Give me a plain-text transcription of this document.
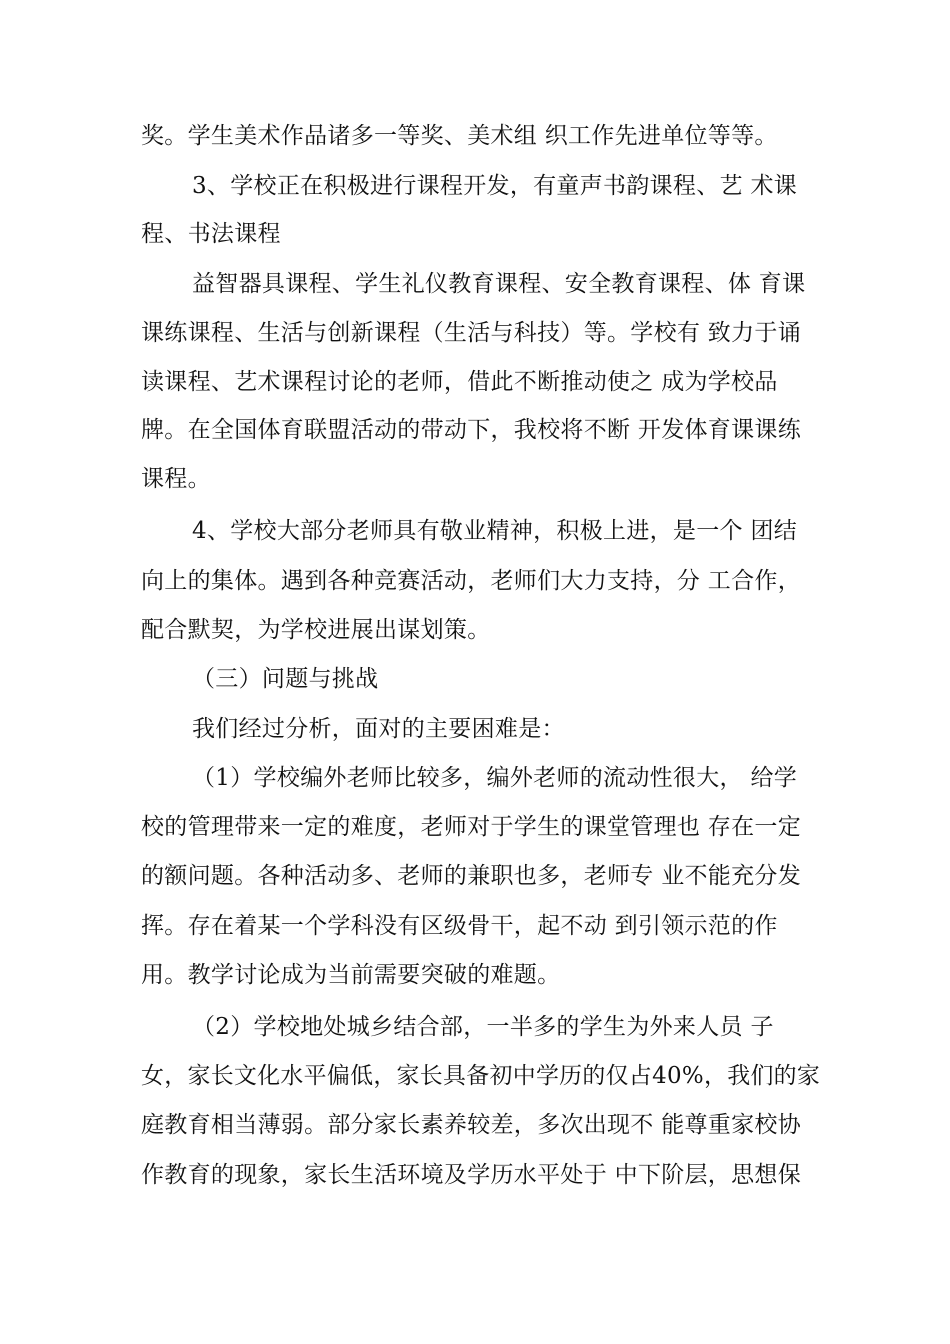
奖。学生美术作品诸多一等奖、美术组 织工作先进单位等等。
3、学校正在积极进行课程开发，有童声书韵课程、艺 术课
程、书法课程
益智器具课程、学生礼仪教育课程、安全教育课程、体 育课
课练课程、生活与创新课程（生活与科技）等。学校有 致力于诵
读课程、艺术课程讨论的老师，借此不断推动使之 成为学校品
牌。在全国体育联盟活动的带动下，我校将不断 开发体育课课练
课程。
4、学校大部分老师具有敬业精神，积极上进，是一个 团结
向上的集体。遇到各种竞赛活动，老师们大力支持，分 工合作，
配合默契，为学校进展出谋划策。
（三）问题与挑战
我们经过分析，面对的主要困难是：
（1）学校编外老师比较多，编外老师的流动性很大， 给学
校的管理带来一定的难度，老师对于学生的课堂管理也 存在一定
的额问题。各种活动多、老师的兼职也多，老师专 业不能充分发
挥。存在着某一个学科没有区级骨干，起不动 到引领示范的作
用。教学讨论成为当前需要突破的难题。
（2）学校地处城乡结合部，一半多的学生为外来人员 子
女，家长文化水平偏低，家长具备初中学历的仅占40%，我们的家
庭教育相当薄弱。部分家长素养较差，多次出现不 能尊重家校协
作教育的现象，家长生活环境及学历水平处于 中下阶层，思想保
